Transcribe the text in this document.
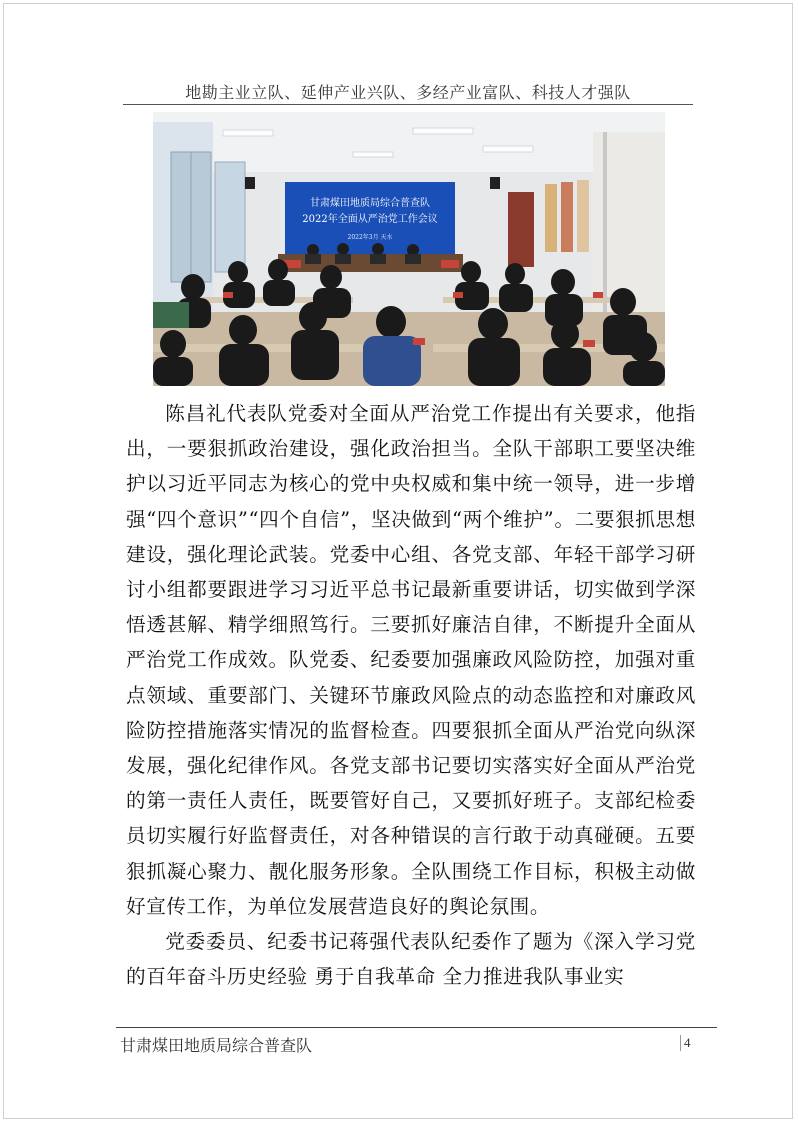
地勘主业立队、延伸产业兴队、多经产业富队、科技人才强队
甘肃煤田地质局综合普查队
2022年全面从严治党工作会议
2022年3月 天水

陈昌礼代表队党委对全面从严治党工作提出有关要求，他指出，一要狠抓政治建设，强化政治担当。全队干部职工要坚决维护以习近平同志为核心的党中央权威和集中统一领导，进一步增强“四个意识”“四个自信”，坚决做到“两个维护”。二要狠抓思想建设，强化理论武装。党委中心组、各党支部、年轻干部学习研讨小组都要跟进学习习近平总书记最新重要讲话，切实做到学深悟透甚解、精学细照笃行。三要抓好廉洁自律，不断提升全面从严治党工作成效。队党委、纪委要加强廉政风险防控，加强对重点领域、重要部门、关键环节廉政风险点的动态监控和对廉政风险防控措施落实情况的监督检查。四要狠抓全面从严治党向纵深发展，强化纪律作风。各党支部书记要切实落实好全面从严治党的第一责任人责任，既要管好自己，又要抓好班子。支部纪检委员切实履行好监督责任，对各种错误的言行敢于动真碰硬。五要狠抓凝心聚力、靓化服务形象。全队围绕工作目标，积极主动做好宣传工作，为单位发展营造良好的舆论氛围。

党委委员、纪委书记蒋强代表队纪委作了题为《深入学习党的百年奋斗历史经验 勇于自我革命 全力推进我队事业实

甘肃煤田地质局综合普查队	4
